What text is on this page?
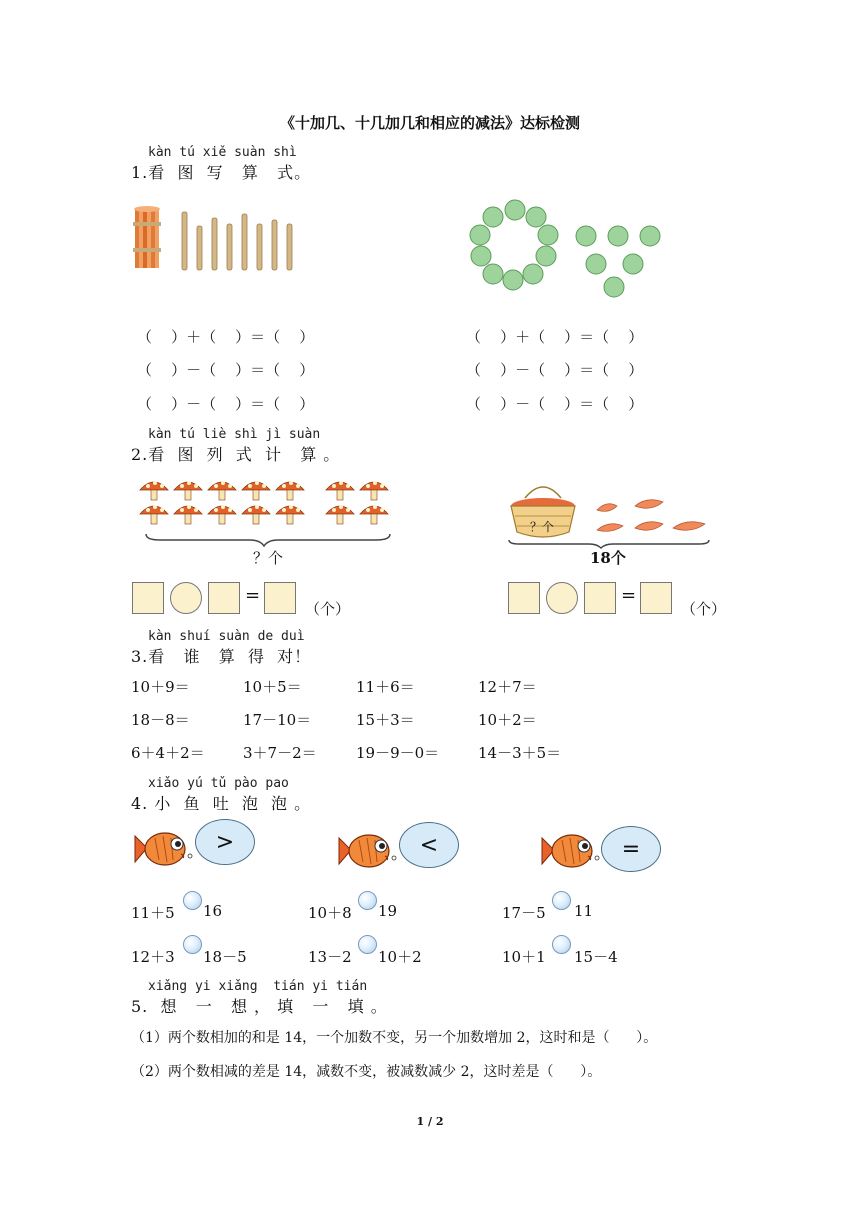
《十加几、十几加几和相应的减法》达标检测
kàn tú xiě suàn shì
1.看  图  写   算   式。
（    ）＋（    ）＝（    ）
（    ）－（    ）＝（    ）
（    ）－（    ）＝（    ）
（    ）＋（    ）＝（    ）
（    ）－（    ）＝（    ）
（    ）－（    ）＝（    ）
kàn tú liè shì jì suàn
2.看  图  列  式  计   算 。
？个
？个
18个
=
（个）
=
（个）
kàn shuí suàn de duì
3.看   谁   算  得  对！
10＋9＝	10＋5＝	11＋6＝	12＋7＝
18－8＝	17－10＝	15＋3＝	10＋2＝
6＋4＋2＝	3＋7－2＝	19－9－0＝	14－3＋5＝
xiǎo yú tǔ pào pao
4. 小  鱼  吐  泡  泡 。
>	<	=
11＋5 16	10＋8 19	17－5 11
12＋3 18－5	13－2 10＋2	10＋1 15－4
xiǎng yi xiǎng  tián yi tián
5.  想   一   想 ， 填   一   填 。
（1）两个数相加的和是 14，一个加数不变，另一个加数增加 2，这时和是（      ）。
（2）两个数相减的差是 14，减数不变，被减数减少 2，这时差是（      ）。
1 / 2
